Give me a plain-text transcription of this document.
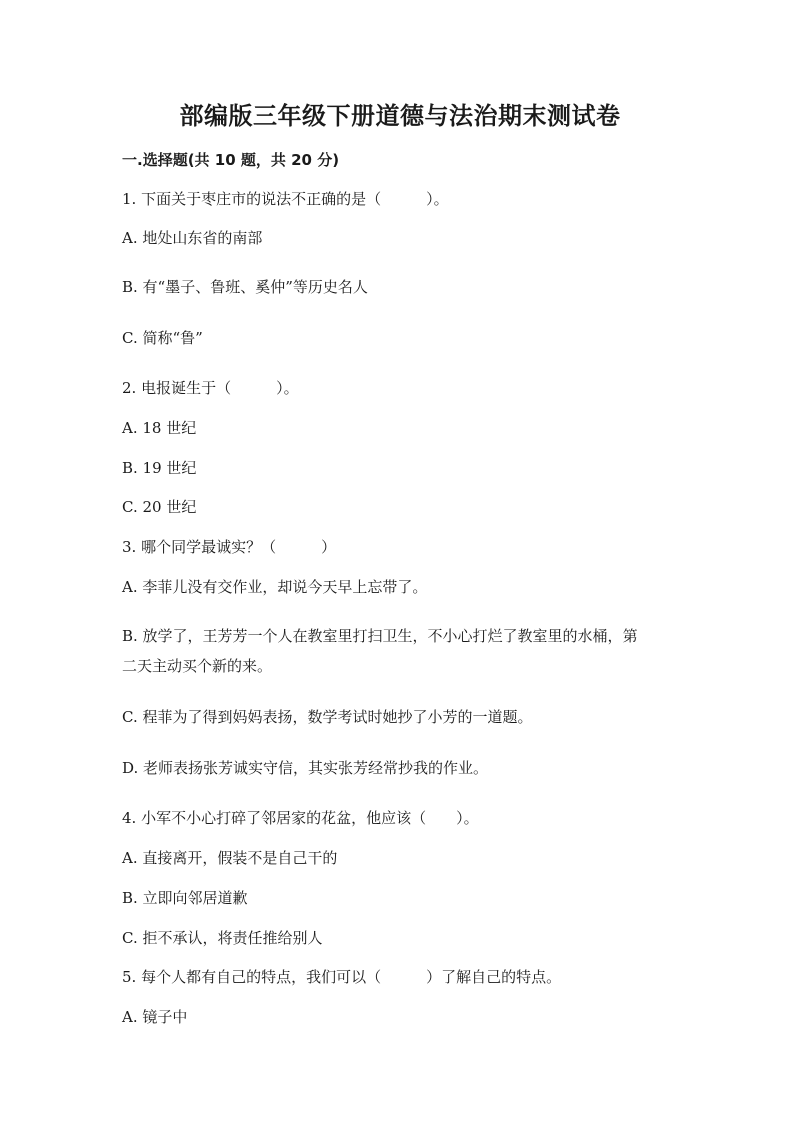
部编版三年级下册道德与法治期末测试卷
一.选择题(共 10 题，共 20 分)
1. 下面关于枣庄市的说法不正确的是（　　　）。
A. 地处山东省的南部
B. 有“墨子、鲁班、奚仲”等历史名人
C. 简称“鲁”
2. 电报诞生于（　　　）。
A. 18 世纪
B. 19 世纪
C. 20 世纪
3. 哪个同学最诚实？（　　　）
A. 李菲儿没有交作业，却说今天早上忘带了。
B. 放学了，王芳芳一个人在教室里打扫卫生，不小心打烂了教室里的水桶，第
二天主动买个新的来。
C. 程菲为了得到妈妈表扬，数学考试时她抄了小芳的一道题。
D. 老师表扬张芳诚实守信，其实张芳经常抄我的作业。
4. 小军不小心打碎了邻居家的花盆，他应该（　　）。
A. 直接离开，假装不是自己干的
B. 立即向邻居道歉
C. 拒不承认，将责任推给别人
5. 每个人都有自己的特点，我们可以（　　　）了解自己的特点。
A. 镜子中
